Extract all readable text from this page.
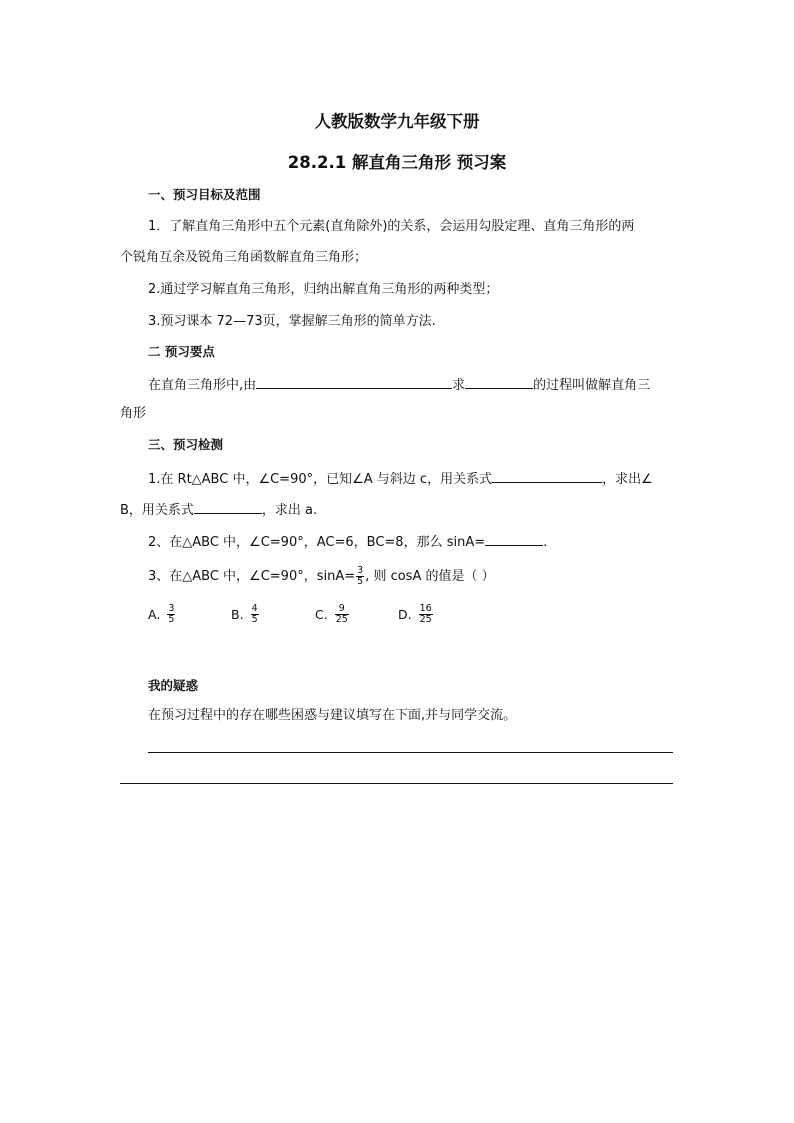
人教版数学九年级下册
28.2.1 解直角三角形 预习案
一、预习目标及范围
1．了解直角三角形中五个元素(直角除外)的关系，会运用勾股定理、直角三角形的两
个锐角互余及锐角三角函数解直角三角形；
2.通过学习解直角三角形，归纳出解直角三角形的两种类型；
3.预习课本 72—73页，掌握解三角形的简单方法.
二 预习要点
在直角三角形中,由	求	的过程叫做解直角三
角形
三、预习检测
1.在 Rt△ABC 中，∠C=90°，已知∠A 与斜边 c，用关系式	，求出∠
B，用关系式	，求出 a.
2、在△ABC 中，∠C=90°，AC=6，BC=8，那么 sinA=	.
3、在△ABC 中，∠C=90°，$\sin A= \frac{3}{5}$ , 则 cosA 的值是（ ）
A. $\frac{3}{5}$	B. $\frac{4}{5}$	C. $\frac{9}{25}$	D. $\frac{16}{25}$
我的疑惑
在预习过程中的存在哪些困惑与建议填写在下面,并与同学交流。
